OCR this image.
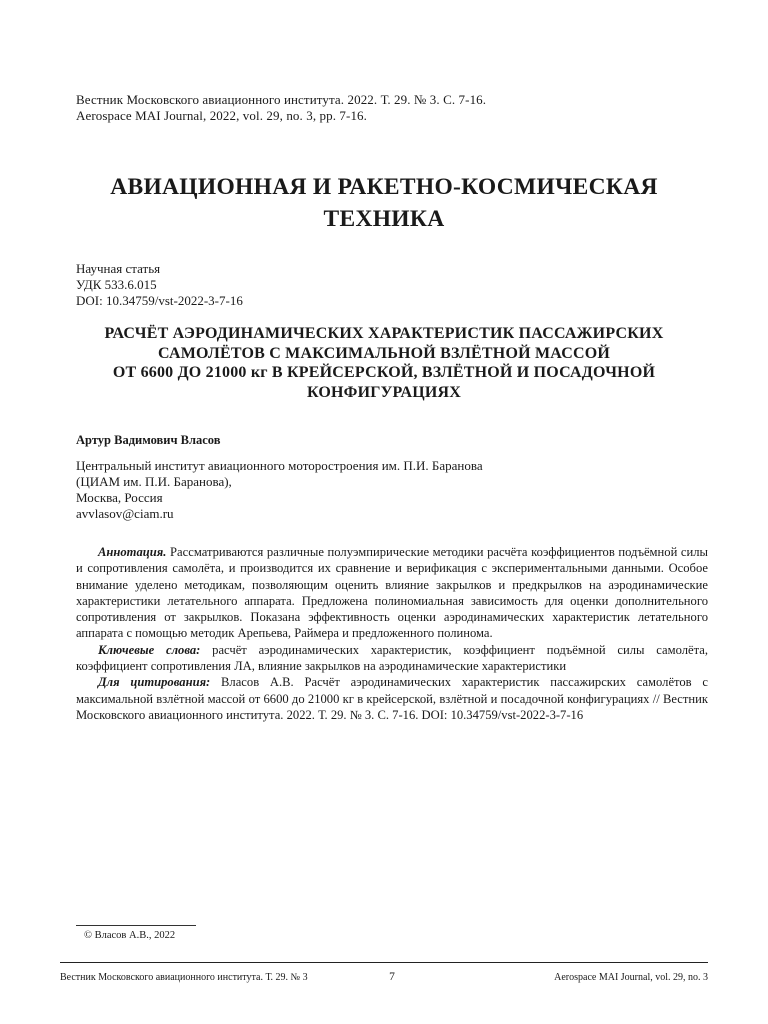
Вестник Московского авиационного института. 2022. Т. 29. № 3. С. 7-16.
Aerospace MAI Journal, 2022, vol. 29, no. 3, pp. 7-16.
АВИАЦИОННАЯ И РАКЕТНО-КОСМИЧЕСКАЯ
ТЕХНИКА
Научная статья
УДК 533.6.015
DOI: 10.34759/vst-2022-3-7-16
РАСЧЁТ АЭРОДИНАМИЧЕСКИХ ХАРАКТЕРИСТИК ПАССАЖИРСКИХ
САМОЛЁТОВ С МАКСИМАЛЬНОЙ ВЗЛЁТНОЙ МАССОЙ
ОТ 6600 ДО 21000 кг В КРЕЙСЕРСКОЙ, ВЗЛЁТНОЙ И ПОСАДОЧНОЙ
КОНФИГУРАЦИЯХ
Артур Вадимович Власов
Центральный институт авиационного моторостроения им. П.И. Баранова
(ЦИАМ им. П.И. Баранова),
Москва, Россия
avvlasov@ciam.ru

Аннотация. Рассматриваются различные полуэмпирические методики расчёта коэффициентов подъёмной силы и сопротивления самолёта, и производится их сравнение и верификация с экспериментальными данными. Особое внимание уделено методикам, позволяющим оценить влияние закрылков и предкрылков на аэродинамические характеристики летательного аппарата. Предложена полиномиальная зависимость для оценки дополнительного сопротивления от закрылков. Показана эффективность оценки аэродинамических характеристик летательного аппарата с помощью методик Арепьева, Раймера и предложенного полинома.

Ключевые слова: расчёт аэродинамических характеристик, коэффициент подъёмной силы самолёта, коэффициент сопротивления ЛА, влияние закрылков на аэродинамические характеристики

Для цитирования: Власов А.В. Расчёт аэродинамических характеристик пассажирских самолётов с максимальной взлётной массой от 6600 до 21000 кг в крейсерской, взлётной и посадочной конфигурациях // Вестник Московского авиационного института. 2022. Т. 29. № 3. С. 7-16. DOI: 10.34759/vst-2022-3-7-16

© Власов А.В., 2022
Вестник Московского авиационного института. Т. 29. № 3	7	Aerospace MAI Journal, vol. 29, no. 3
